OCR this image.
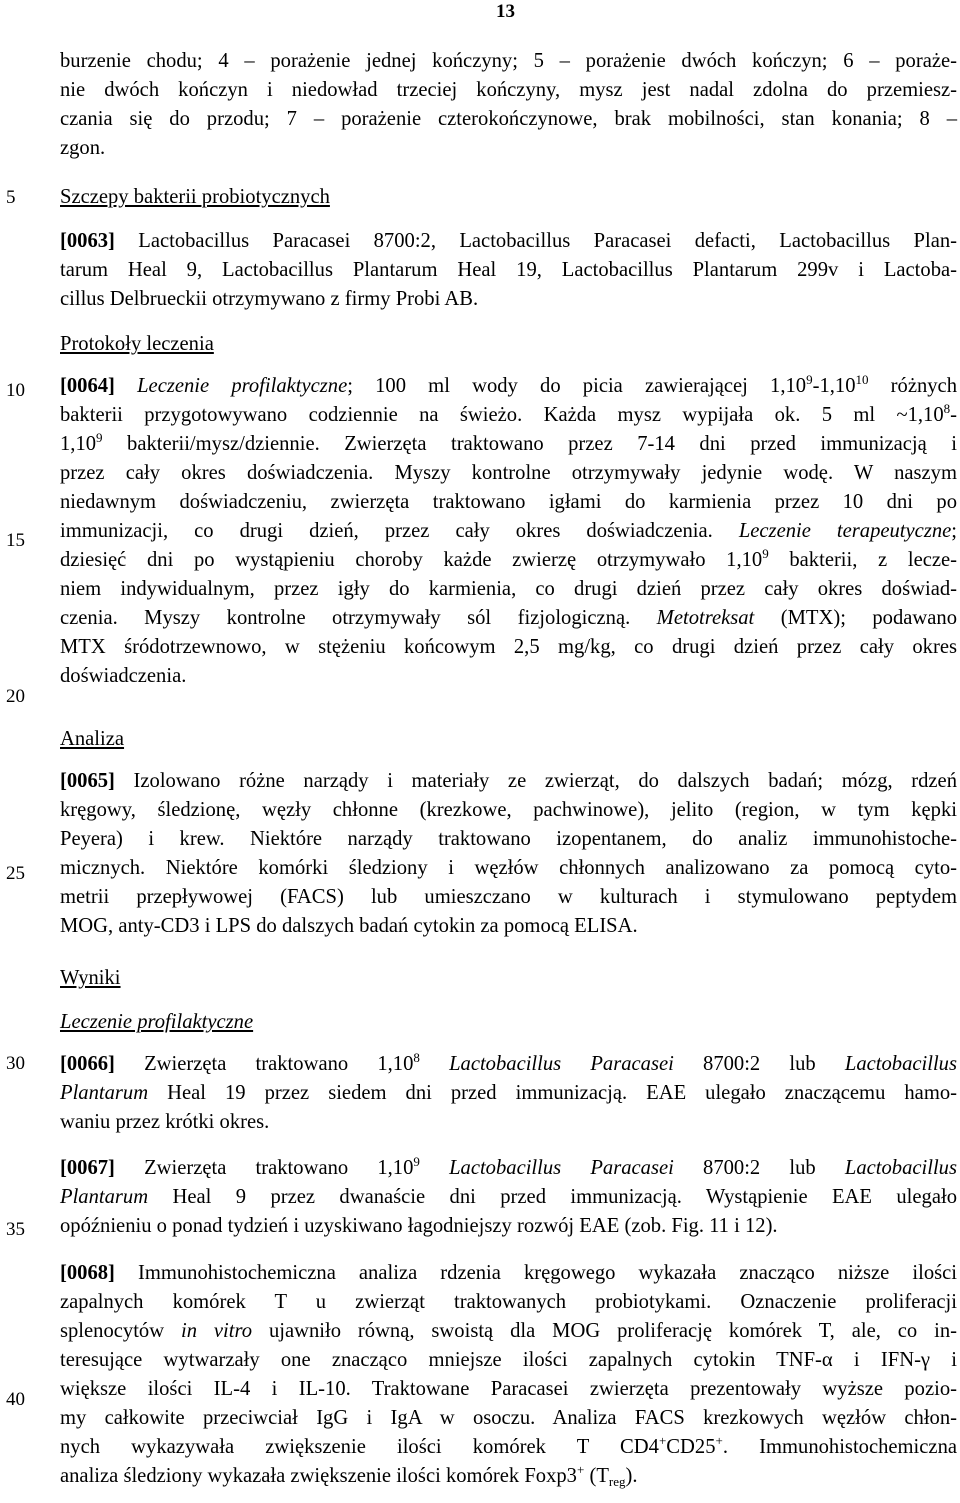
13
5
10
15
20
25
30
35
40
burzenie chodu; 4 – porażenie jednej kończyny; 5 – porażenie dwóch kończyn; 6 – poraże-
nie dwóch kończyn i niedowład trzeciej kończyny, mysz jest nadal zdolna do przemiesz-
czania się do przodu; 7 – porażenie czterokończynowe, brak mobilności, stan konania; 8 –
zgon.
Szczepy bakterii probiotycznych
[0063] Lactobacillus Paracasei 8700:2, Lactobacillus Paracasei defacti, Lactobacillus Plan-
tarum Heal 9, Lactobacillus Plantarum Heal 19, Lactobacillus Plantarum 299v i Lactoba-
cillus Delbrueckii otrzymywano z firmy Probi AB.
Protokoły leczenia
[0064] Leczenie profilaktyczne; 100 ml wody do picia zawierającej 1,10$^9$-1,10$^{10}$ różnych
bakterii przygotowywano codziennie na świeżo. Każda mysz wypijała ok. 5 ml ~1,10$^8$-
1,10$^9$ bakterii/mysz/dziennie. Zwierzęta traktowano przez 7-14 dni przed immunizacją i
przez cały okres doświadczenia. Myszy kontrolne otrzymywały jedynie wodę. W naszym
niedawnym doświadczeniu, zwierzęta traktowano igłami do karmienia przez 10 dni po
immunizacji, co drugi dzień, przez cały okres doświadczenia. Leczenie terapeutyczne;
dziesięć dni po wystąpieniu choroby każde zwierzę otrzymywało 1,10$^9$ bakterii, z leczе-
niem indywidualnym, przez igły do karmienia, co drugi dzień przez cały okres doświad-
czenia. Myszy kontrolne otrzymywały sól fizjologiczną. Metotreksat (MTX); podawano
MTX śródotrzewnowo, w stężeniu końcowym 2,5 mg/kg, co drugi dzień przez cały okres
doświadczenia.
Analiza
[0065] Izolowano różne narządy i materiały ze zwierząt, do dalszych badań; mózg, rdzeń
kręgowy, śledzionę, węzły chłonne (krezkowe, pachwinowe), jelito (region, w tym kępki
Peyera) i krew. Niektóre narządy traktowano izopentanem, do analiz immunohistoche-
micznych. Niektóre komórki śledziony i węzłów chłonnych analizowano za pomocą cyto-
metrii przepływowej (FACS) lub umieszczano w kulturach i stymulowano peptydem
MOG, anty-CD3 i LPS do dalszych badań cytokin za pomocą ELISA.
Wyniki
Leczenie profilaktyczne
[0066] Zwierzęta traktowano 1,10$^8$ Lactobacillus Paracasei 8700:2 lub Lactobacillus
Plantarum Heal 19 przez siedem dni przed immunizacją. EAE ulegało znaczącemu hamo-
waniu przez krótki okres.
[0067] Zwierzęta traktowano 1,10$^9$ Lactobacillus Paracasei 8700:2 lub Lactobacillus
Plantarum Heal 9 przez dwanaście dni przed immunizacją. Wystąpienie EAE ulegało
opóźnieniu o ponad tydzień i uzyskiwano łagodniejszy rozwój EAE (zob. Fig. 11 i 12).
[0068] Immunohistochemiczna analiza rdzenia kręgowego wykazała znacząco niższe ilości
zapalnych komórek T u zwierząt traktowanych probiotykami. Oznaczenie proliferacji
splenocytów in vitro ujawniło równą, swoistą dla MOG proliferację komórek T, ale, co in-
teresujące wytwarzały one znacząco mniejsze ilości zapalnych cytokin TNF-α i IFN-γ i
większe ilości IL-4 i IL-10. Traktowane Paracasei zwierzęta prezentowały wyższe pozio-
my całkowite przeciwciał IgG i IgA w osoczu. Analiza FACS krezkowych węzłów chłon-
nych wykazywała zwiększenie ilości komórek T CD4+CD25+. Immunohistochemiczna
analiza śledziony wykazała zwiększenie ilości komórek Foxp3+ $(T_{reg})$.
